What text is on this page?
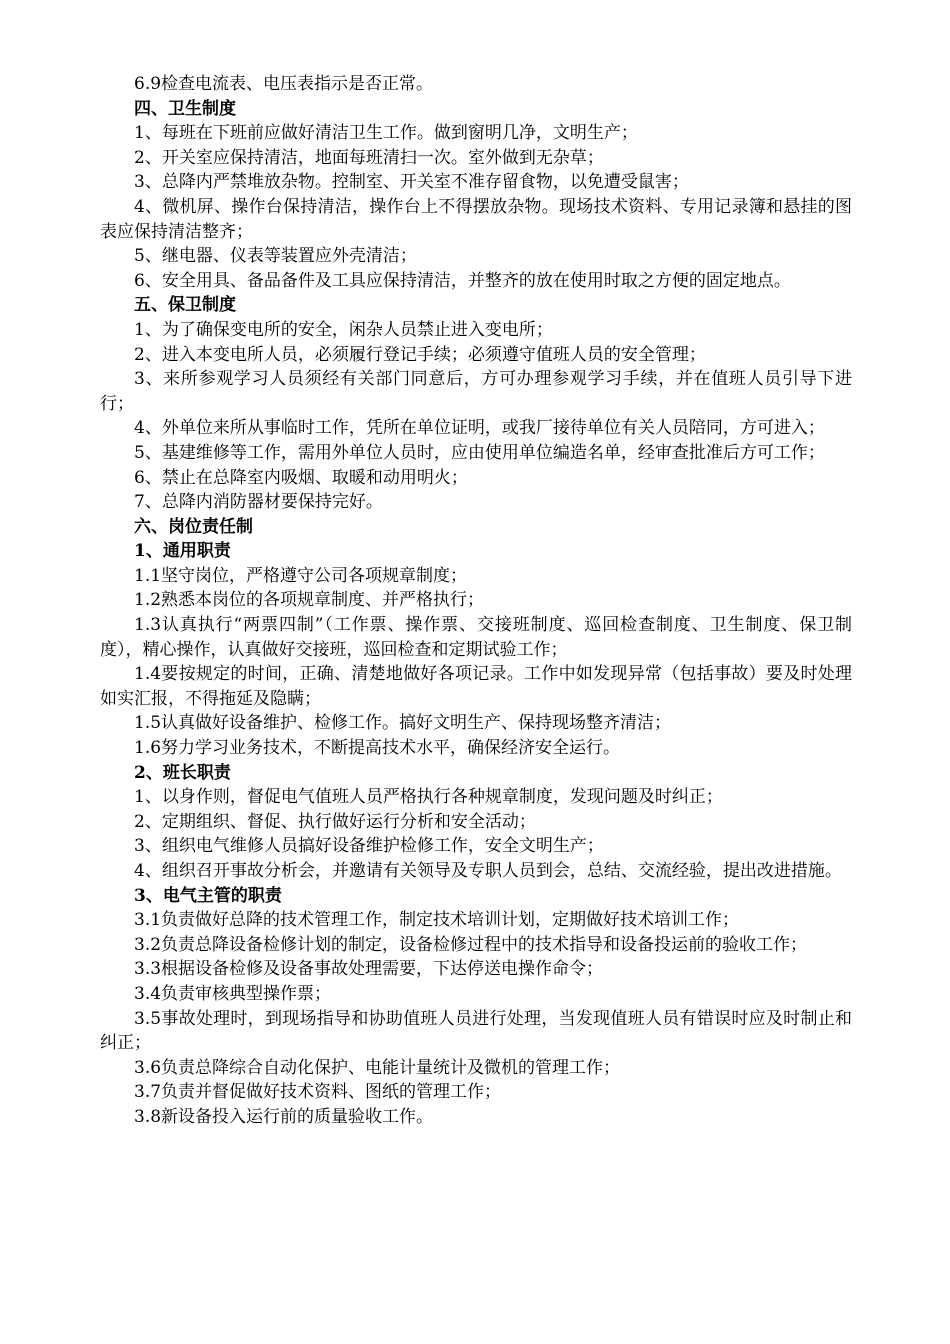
6.9检查电流表、电压表指示是否正常。

四、卫生制度

1、每班在下班前应做好清洁卫生工作。做到窗明几净，文明生产；

2、开关室应保持清洁，地面每班清扫一次。室外做到无杂草；

3、总降内严禁堆放杂物。控制室、开关室不准存留食物，以免遭受鼠害；

4、微机屏、操作台保持清洁，操作台上不得摆放杂物。现场技术资料、专用记录簿和悬挂的图表应保持清洁整齐；

5、继电器、仪表等装置应外壳清洁；

6、安全用具、备品备件及工具应保持清洁，并整齐的放在使用时取之方便的固定地点。

五、保卫制度

1、为了确保变电所的安全，闲杂人员禁止进入变电所；

2、进入本变电所人员，必须履行登记手续；必须遵守值班人员的安全管理；

3、来所参观学习人员须经有关部门同意后，方可办理参观学习手续，并在值班人员引导下进行；

4、外单位来所从事临时工作，凭所在单位证明，或我厂接待单位有关人员陪同，方可进入；

5、基建维修等工作，需用外单位人员时，应由使用单位编造名单，经审查批准后方可工作；

6、禁止在总降室内吸烟、取暖和动用明火；

7、总降内消防器材要保持完好。

六、岗位责任制

1、通用职责

1.1坚守岗位，严格遵守公司各项规章制度；

1.2熟悉本岗位的各项规章制度、并严格执行；

1.3认真执行“两票四制”（工作票、操作票、交接班制度、巡回检查制度、卫生制度、保卫制度），精心操作，认真做好交接班，巡回检查和定期试验工作；

1.4要按规定的时间，正确、清楚地做好各项记录。工作中如发现异常（包括事故）要及时处理如实汇报，不得拖延及隐瞒；

1.5认真做好设备维护、检修工作。搞好文明生产、保持现场整齐清洁；

1.6努力学习业务技术，不断提高技术水平，确保经济安全运行。

2、班长职责

1、以身作则，督促电气值班人员严格执行各种规章制度，发现问题及时纠正；

2、定期组织、督促、执行做好运行分析和安全活动；

3、组织电气维修人员搞好设备维护检修工作，安全文明生产；

4、组织召开事故分析会，并邀请有关领导及专职人员到会，总结、交流经验，提出改进措施。

3、电气主管的职责

3.1负责做好总降的技术管理工作，制定技术培训计划，定期做好技术培训工作；

3.2负责总降设备检修计划的制定，设备检修过程中的技术指导和设备投运前的验收工作；

3.3根据设备检修及设备事故处理需要，下达停送电操作命令；

3.4负责审核典型操作票；

3.5事故处理时，到现场指导和协助值班人员进行处理，当发现值班人员有错误时应及时制止和纠正；

3.6负责总降综合自动化保护、电能计量统计及微机的管理工作；

3.7负责并督促做好技术资料、图纸的管理工作；

3.8新设备投入运行前的质量验收工作。
